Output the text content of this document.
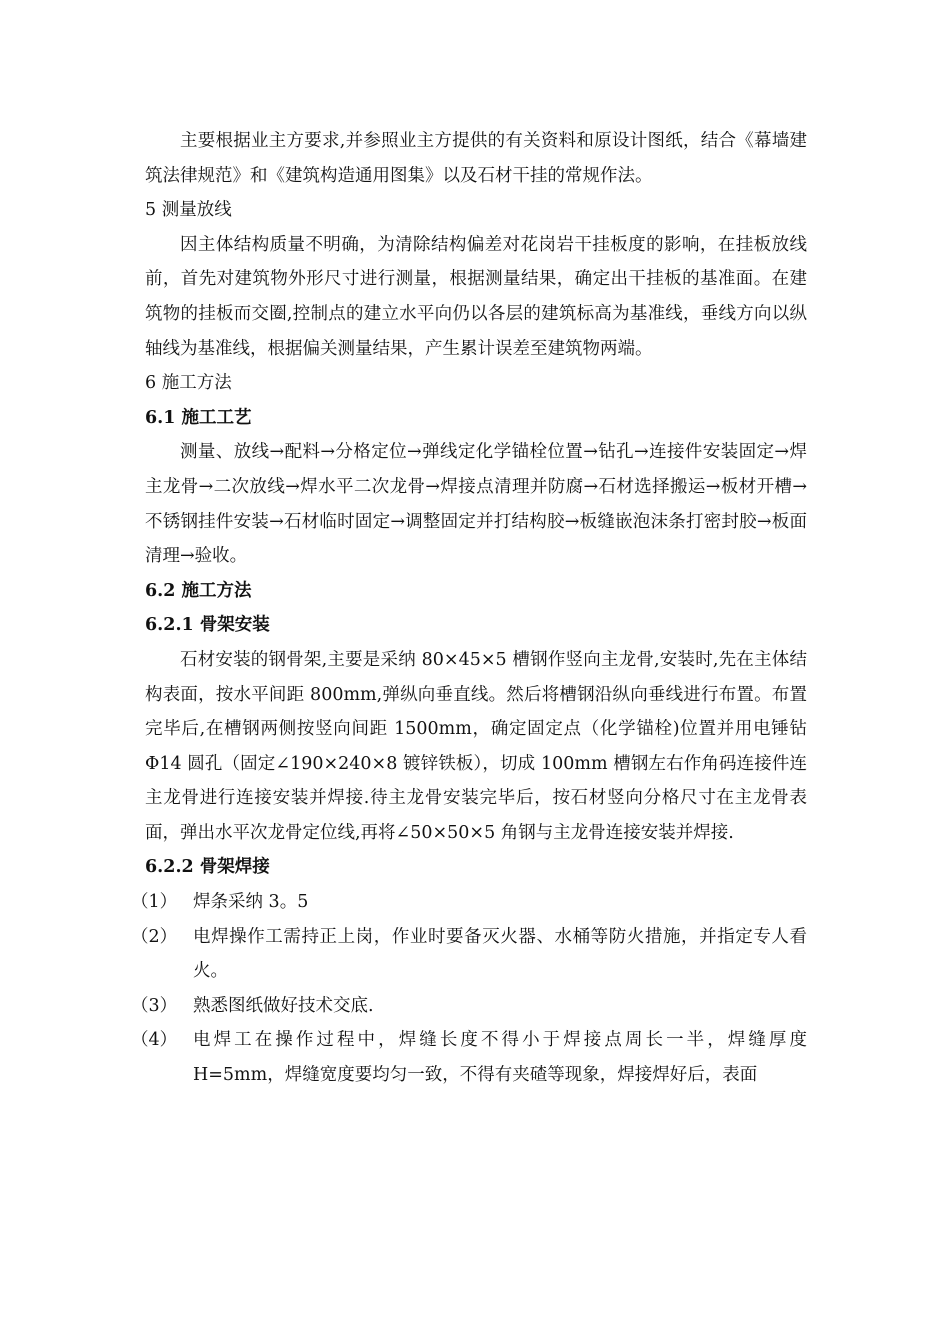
主要根据业主方要求,并参照业主方提供的有关资料和原设计图纸，结合《幕墙建筑法律规范》和《建筑构造通用图集》以及石材干挂的常规作法。

5 测量放线

因主体结构质量不明确，为清除结构偏差对花岗岩干挂板度的影响，在挂板放线前，首先对建筑物外形尺寸进行测量，根据测量结果，确定出干挂板的基准面。在建筑物的挂板而交圈,控制点的建立水平向仍以各层的建筑标高为基准线，垂线方向以纵轴线为基准线，根据偏关测量结果，产生累计误差至建筑物两端。

6 施工方法

6.1 施工工艺

测量、放线→配料→分格定位→弹线定化学锚栓位置→钻孔→连接件安装固定→焊主龙骨→二次放线→焊水平二次龙骨→焊接点清理并防腐→石材选择搬运→板材开槽→不锈钢挂件安装→石材临时固定→调整固定并打结构胶→板缝嵌泡沫条打密封胶→板面清理→验收。

6.2 施工方法

6.2.1 骨架安装

石材安装的钢骨架,主要是采纳 80×45×5 槽钢作竖向主龙骨,安装时,先在主体结构表面，按水平间距 800mm,弹纵向垂直线。然后将槽钢沿纵向垂线进行布置。布置完毕后,在槽钢两侧按竖向间距 1500mm，确定固定点（化学锚栓)位置并用电锤钻 Φ14 圆孔（固定∠190×240×8 镀锌铁板），切成 100mm 槽钢左右作角码连接件连主龙骨进行连接安装并焊接.待主龙骨安装完毕后，按石材竖向分格尺寸在主龙骨表面，弹出水平次龙骨定位线,再将∠50×50×5 角钢与主龙骨连接安装并焊接.

6.2.2 骨架焊接

（1） 焊条采纳 3。5

（2） 电焊操作工需持正上岗，作业时要备灭火器、水桶等防火措施，并指定专人看火。

（3） 熟悉图纸做好技术交底.

（4） 电焊工在操作过程中，焊缝长度不得小于焊接点周长一半，焊缝厚度H=5mm，焊缝宽度要均匀一致，不得有夹碴等现象，焊接焊好后，表面
